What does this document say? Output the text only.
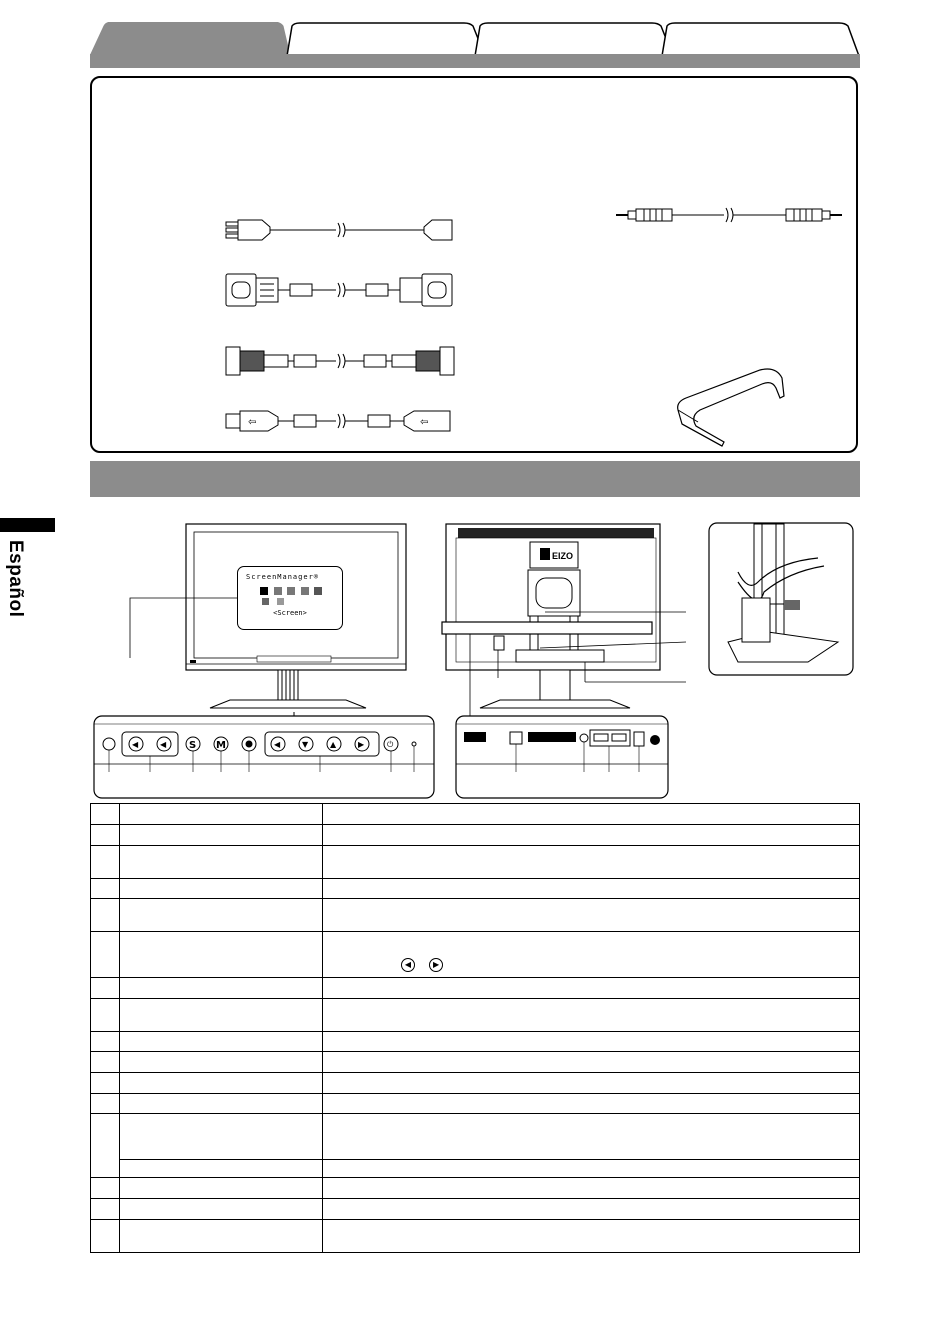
⇦	⇦
Español	ScreenManager®
<Screen>
◀	◀ S M	◀	▼	▲	▶	⏻
EIZO

		◀ ▶
